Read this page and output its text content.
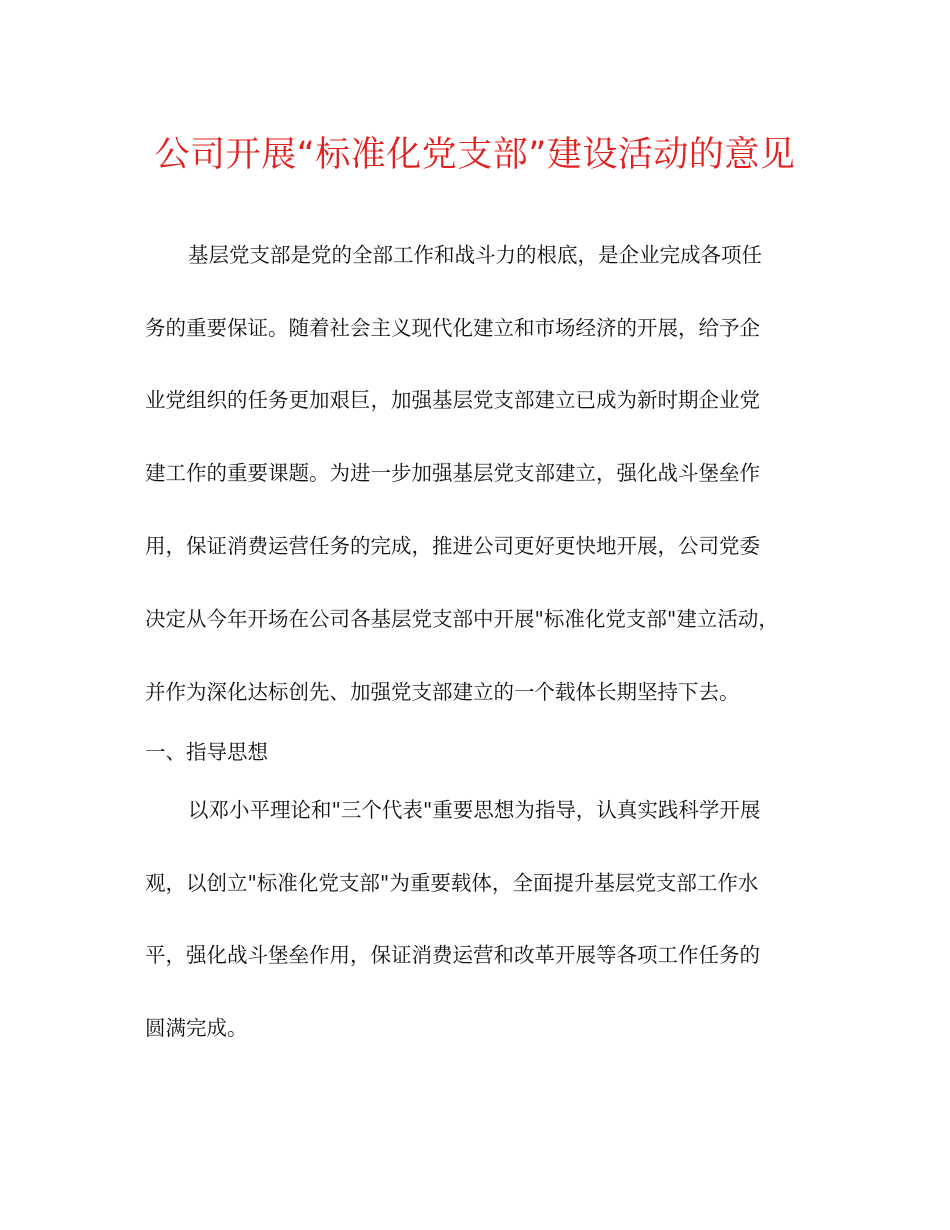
公司开展“标准化党支部”建设活动的意见
基层党支部是党的全部工作和战斗力的根底，是企业完成各项任
务的重要保证。随着社会主义现代化建立和市场经济的开展，给予企
业党组织的任务更加艰巨，加强基层党支部建立已成为新时期企业党
建工作的重要课题。为进一步加强基层党支部建立，强化战斗堡垒作
用，保证消费运营任务的完成，推进公司更好更快地开展，公司党委
决定从今年开场在公司各基层党支部中开展"标准化党支部"建立活动，
并作为深化达标创先、加强党支部建立的一个载体长期坚持下去。
一、指导思想
以邓小平理论和"三个代表"重要思想为指导，认真实践科学开展
观，以创立"标准化党支部"为重要载体，全面提升基层党支部工作水
平，强化战斗堡垒作用，保证消费运营和改革开展等各项工作任务的
圆满完成。
